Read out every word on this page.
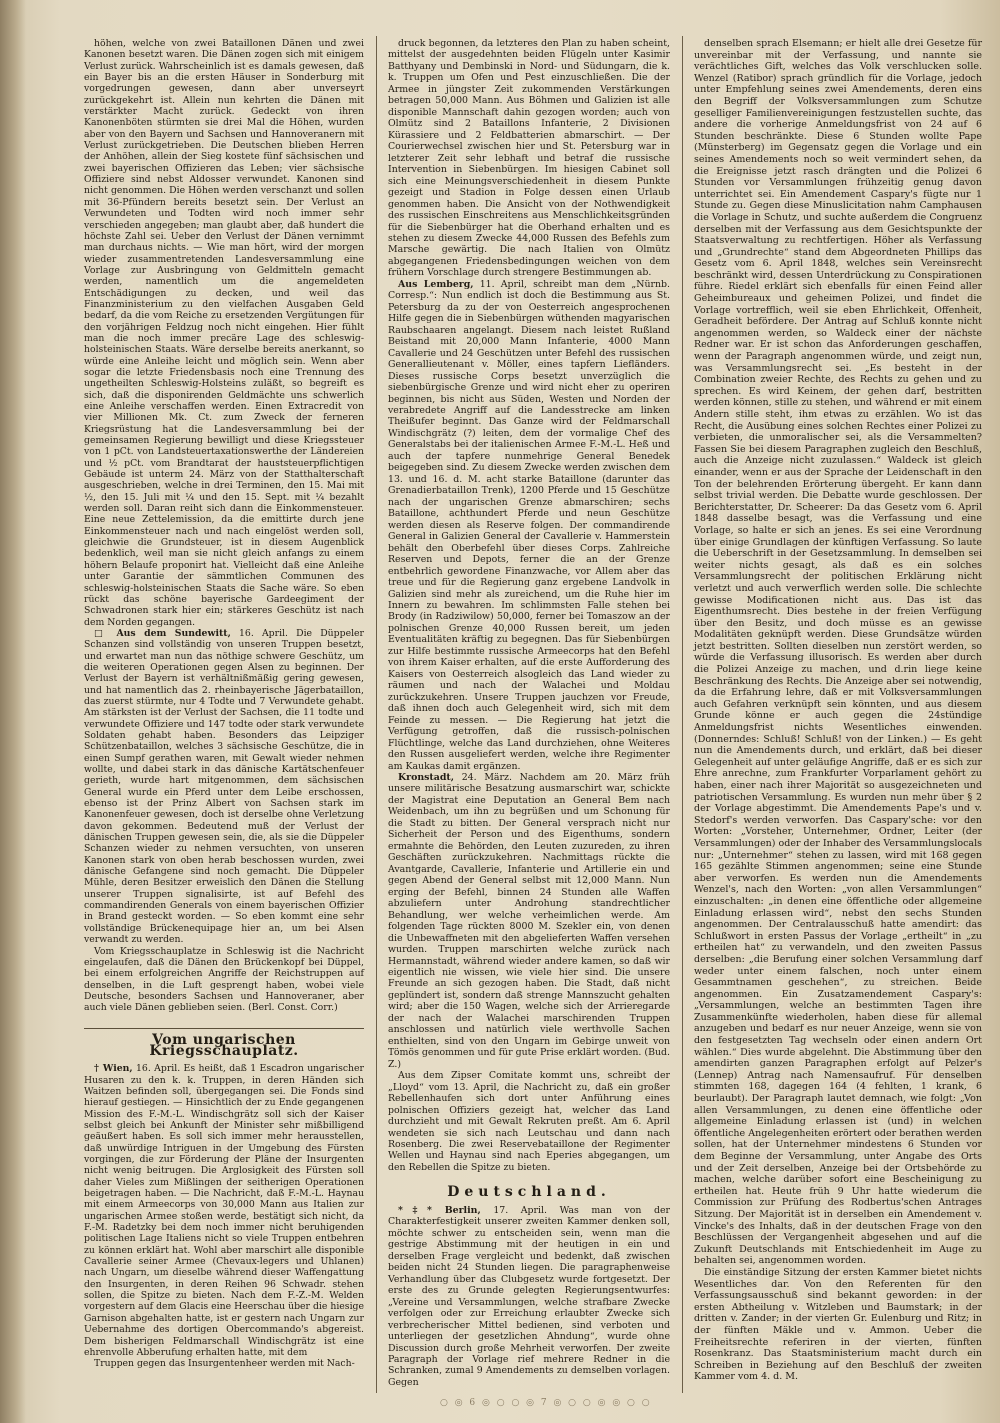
höhen, welche von zwei Bataillonen Dänen und zwei Kanonen besetzt waren. Die Dänen zogen sich mit einigem Verlust zurück. Wahrscheinlich ist es damals gewesen, daß ein Bayer bis an die ersten Häuser in Sonderburg mit vorgedrungen gewesen, dann aber unverseyrt zurückgekehrt ist. Allein nun kehrten die Dänen mit verstärkter Macht zurück. Gedeckt von ihren Kanonenböten stürmten sie drei Mal die Höhen, wurden aber von den Bayern und Sachsen und Hannoveranern mit Verlust zurückgetrieben. Die Deutschen blieben Herren der Anhöhen, allein der Sieg kostete fünf sächsischen und zwei bayerischen Offizieren das Leben; vier sächsische Offiziere sind nebst Aldosser verwundet. Kanonen sind nicht genommen. Die Höhen werden verschanzt und sollen mit 36-Pfündern bereits besetzt sein. Der Verlust an Verwundeten und Todten wird noch immer sehr verschieden angegeben; man glaubt aber, daß hundert die höchste Zahl sei. Ueber den Verlust der Dänen vernimmt man durchaus nichts. — Wie man hört, wird der morgen wieder zusammentretenden Landesversammlung eine Vorlage zur Ausbringung von Geldmitteln gemacht werden, namentlich um die angemeldeten Entschädigungen zu decken, und weil das Finanzministerium zu den vielfachen Ausgaben Geld bedarf, da die vom Reiche zu ersetzenden Vergütungen für den vorjährigen Feldzug noch nicht eingehen. Hier fühlt man die noch immer precäre Lage des schleswig-holsteinischen Staats. Wäre derselbe bereits anerkannt, so würde eine Anleihe leicht und möglich sein. Wenn aber sogar die letzte Friedensbasis noch eine Trennung des ungetheilten Schleswig-Holsteins zuläßt, so begreift es sich, daß die disponirenden Geldmächte uns schwerlich eine Anleihe verschaffen werden. Einen Extracredit von vier Millionen Mk. Ct. zum Zweck der ferneren Kriegsrüstung hat die Landesversammlung bei der gemeinsamen Regierung bewilligt und diese Kriegssteuer von 1 pCt. von Landsteuertaxationswerthe der Ländereien und ½ pCt. vom Brandtarat der hauststeuerpflichtigen Gebäude ist unterm 24. März von der Statthalterschaft ausgeschrieben, welche in drei Terminen, den 15. Mai mit ½, den 15. Juli mit ¼ und den 15. Sept. mit ¼ bezahlt werden soll. Daran reiht sich dann die Einkommensteuer. Eine neue Zettelemission, da die emittirte durch jene Einkommensteuer nach und nach eingelöst werden soll, gleichwie die Grundsteuer, ist in diesem Augenblick bedenklich, weil man sie nicht gleich anfangs zu einem höhern Belaufe proponirt hat. Vielleicht daß eine Anleihe unter Garantie der sämmtlichen Communen des schleswig-holsteinischen Staats die Sache wäre. So eben rückt das schöne bayerische Gardeegiment der Schwadronen stark hier ein; stärkeres Geschütz ist nach dem Norden gegangen.

□ Aus dem Sundewitt, 16. April. Die Düppeler Schanzen sind vollständig von unseren Truppen besetzt, und erwartet man nun das nöthige schwere Geschütz, um die weiteren Operationen gegen Alsen zu beginnen. Der Verlust der Bayern ist verhältnißmäßig gering gewesen, und hat namentlich das 2. rheinbayerische Jägerbataillon, das zuerst stürmte, nur 4 Todte und 7 Verwundete gehabt. Am stärksten ist der Verlust der Sachsen, die 11 todte und verwundete Offiziere und 147 todte oder stark verwundete Soldaten gehabt haben. Besonders das Leipziger Schützenbataillon, welches 3 sächsische Geschütze, die in einen Sumpf gerathen waren, mit Gewalt wieder nehmen wollte, und dabei stark in das dänische Kartätschenfeuer gerieth, wurde hart mitgenommen, dem sächsischen General wurde ein Pferd unter dem Leibe erschossen, ebenso ist der Prinz Albert von Sachsen stark im Kanonenfeuer gewesen, doch ist derselbe ohne Verletzung davon gekommen. Bedeutend muß der Verlust der dänischen Truppen gewesen sein, die, als sie die Düppeler Schanzen wieder zu nehmen versuchten, von unseren Kanonen stark von oben herab beschossen wurden, zwei dänische Gefangene sind noch gemacht. Die Düppeler Mühle, deren Besitzer erweislich den Dänen die Stellung unserer Truppen signalisirte, ist auf Befehl des commandirenden Generals von einem bayerischen Offizier in Brand gesteckt worden. — So eben kommt eine sehr vollständige Brückenequipage hier an, um bei Alsen verwandt zu werden.

Vom Kriegsschauplatze in Schleswig ist die Nachricht eingelaufen, daß die Dänen den Brückenkopf bei Düppel, bei einem erfolgreichen Angriffe der Reichstruppen auf denselben, in die Luft gesprengt haben, wobei viele Deutsche, besonders Sachsen und Hannoveraner, aber auch viele Dänen geblieben seien. (Berl. Const. Corr.)

Vom ungarischen Kriegsschauplatz.

† Wien, 16. April. Es heißt, daß 1 Escadron ungarischer Husaren zu den k. k. Truppen, in deren Händen sich Waitzen befinden soll, übergegangen sei. Die Fonds sind hierauf gestiegen. — Hinsichtlich der zu Ende gegangenen Mission des F.-M.-L. Windischgrätz soll sich der Kaiser selbst gleich bei Ankunft der Minister sehr mißbilligend geäußert haben. Es soll sich immer mehr herausstellen, daß unwürdige Intriguen in der Umgebung des Fürsten vorgingen, die zur Förderung der Pläne der Insurgenten nicht wenig beitrugen. Die Arglosigkeit des Fürsten soll daher Vieles zum Mißlingen der seitherigen Operationen beigetragen haben. — Die Nachricht, daß F.-M.-L. Haynau mit einem Armeecorps von 30,000 Mann aus Italien zur ungarischen Armee stoßen werde, bestätigt sich nicht, da F.-M. Radetzky bei dem noch immer nicht beruhigenden politischen Lage Italiens nicht so viele Truppen entbehren zu können erklärt hat. Wohl aber marschirt alle disponible Cavallerie seiner Armee (Chevaux-legers und Uhlanen) nach Ungarn, um dieselbe während dieser Waffengattung den Insurgenten, in deren Reihen 96 Schwadr. stehen sollen, die Spitze zu bieten. Nach dem F.-Z.-M. Welden vorgestern auf dem Glacis eine Heerschau über die hiesige Garnison abgehalten hatte, ist er gestern nach Ungarn zur Uebernahme des dortigen Obercommando's abgereist. Dem bisherigen Feldmarschall Windischgrätz ist eine ehrenvolle Abberufung erhalten hatte, mit dem

Truppen gegen das Insurgentenheer werden mit Nach-

druck begonnen, da letzteres den Plan zu haben scheint, mittelst der ausgedehnten beiden Flügeln unter Kasimir Batthyany und Dembinski in Nord- und Südungarn, die k. k. Truppen um Ofen und Pest einzuschließen. Die der Armee in jüngster Zeit zukommenden Verstärkungen betragen 50,000 Mann. Aus Böhmen und Galizien ist alle disponible Mannschaft dahin gezogen worden; auch von Olmütz sind 2 Bataillons Infanterie, 2 Divisionen Kürassiere und 2 Feldbatterien abmarschirt. — Der Courierwechsel zwischen hier und St. Petersburg war in letzterer Zeit sehr lebhaft und betraf die russische Intervention in Siebenbürgen. Im hiesigen Cabinet soll sich eine Meinungsverschiedenheit in diesem Punkte gezeigt und Stadion in Folge dessen einen Urlaub genommen haben. Die Ansicht von der Nothwendigkeit des russischen Einschreitens aus Menschlichkeitsgründen für die Siebenbürger hat die Oberhand erhalten und es stehen zu diesem Zwecke 44,000 Russen des Befehls zum Marsche gewärtig. Die nach Italien von Olmütz abgegangenen Friedensbedingungen weichen von dem frühern Vorschlage durch strengere Bestimmungen ab.

Aus Lemberg, 11. April, schreibt man dem „Nürnb. Corresp.“: Nun endlich ist doch die Bestimmung aus St. Petersburg da zu der von Oesterreich angesprochenen Hilfe gegen die in Siebenbürgen wüthenden magyarischen Raubschaaren angelangt. Diesem nach leistet Rußland Beistand mit 20,000 Mann Infanterie, 4000 Mann Cavallerie und 24 Geschützen unter Befehl des russischen Generallieutenant v. Möller, eines tapfern Liefländers. Dieses russische Corps besetzt unverzüglich die siebenbürgische Grenze und wird nicht eher zu operiren beginnen, bis nicht aus Süden, Westen und Norden der verabredete Angriff auf die Landesstrecke am linken Theißufer beginnt. Das Ganze wird der Feldmarschall Windischgrätz (?) leiten, dem der vormalige Chef des Generalstabs bei der italienischen Armee F.-M.-L. Heß und auch der tapfere nunmehrige General Benedek beigegeben sind. Zu diesem Zwecke werden zwischen dem 13. und 16. d. M. acht starke Bataillone (darunter das Grenadierbataillon Trenk), 1200 Pferde und 15 Geschütze nach der ungarischen Grenze abmarschiren; sechs Bataillone, achthundert Pferde und neun Geschütze werden diesen als Reserve folgen. Der commandirende General in Galizien General der Cavallerie v. Hammerstein behält den Oberbefehl über dieses Corps. Zahlreiche Reserven und Depots, ferner die an der Grenze entbehrlich gewordene Finanzwache, vor Allem aber das treue und für die Regierung ganz ergebene Landvolk in Galizien sind mehr als zureichend, um die Ruhe hier im Innern zu bewahren. Im schlimmsten Falle stehen bei Brody (in Radziwilow) 50,000, ferner bei Tomaszow an der polnischen Grenze 40,000 Russen bereit, um jeden Eventualitäten kräftig zu begegnen. Das für Siebenbürgen zur Hilfe bestimmte russische Armeecorps hat den Befehl von ihrem Kaiser erhalten, auf die erste Aufforderung des Kaisers von Oesterreich alsogleich das Land wieder zu räumen und nach der Walachei und Moldau zurückzukehren. Unsere Truppen jauchzen vor Freude, daß ihnen doch auch Gelegenheit wird, sich mit dem Feinde zu messen. — Die Regierung hat jetzt die Verfügung getroffen, daß die russisch-polnischen Flüchtlinge, welche das Land durchziehen, ohne Weiteres den Russen ausgeliefert werden, welche ihre Regimenter am Kaukas damit ergänzen.

Kronstadt, 24. März. Nachdem am 20. März früh unsere militärische Besatzung ausmarschirt war, schickte der Magistrat eine Deputation an General Bem nach Weidenbach, um ihn zu begrüßen und um Schonung für die Stadt zu bitten. Der General versprach nicht nur Sicherheit der Person und des Eigenthums, sondern ermahnte die Behörden, den Leuten zuzureden, zu ihren Geschäften zurückzukehren. Nachmittags rückte die Avantgarde, Cavallerie, Infanterie und Artillerie ein und gegen Abend der General selbst mit 12,000 Mann. Nun erging der Befehl, binnen 24 Stunden alle Waffen abzuliefern unter Androhung standrechtlicher Behandlung, wer welche verheimlichen werde. Am folgenden Tage rückten 8000 M. Szekler ein, von denen die Unbewaffneten mit den abgelieferten Waffen versehen wurden. Truppen marschirten welche zurück nach Hermannstadt, während wieder andere kamen, so daß wir eigentlich nie wissen, wie viele hier sind. Die unsere Freunde an sich gezogen haben. Die Stadt, daß nicht geplündert ist, sondern daß strenge Mannszucht gehalten wird; aber die 150 Wagen, welche sich der Arrieregarde der nach der Walachei marschirenden Truppen anschlossen und natürlich viele werthvolle Sachen enthielten, sind von den Ungarn im Gebirge unweit von Tömös genommen und für gute Prise erklärt worden. (Bud. Z.)

Aus dem Zipser Comitate kommt uns, schreibt der „Lloyd“ vom 13. April, die Nachricht zu, daß ein großer Rebellenhaufen sich dort unter Anführung eines polnischen Offiziers gezeigt hat, welcher das Land durchzieht und mit Gewalt Rekruten preßt. Am 6. April wendeten sie sich nach Leutschau und dann nach Rosenberg. Die zwei Reservebataillone der Regimenter Wellen und Haynau sind nach Eperies abgegangen, um den Rebellen die Spitze zu bieten.

Deutschland.

*‡* Berlin, 17. April. Was man von der Charakterfestigkeit unserer zweiten Kammer denken soll, möchte schwer zu entscheiden sein, wenn man die gestrige Abstimmung mit der heutigen in ein und derselben Frage vergleicht und bedenkt, daß zwischen beiden nicht 24 Stunden liegen. Die paragraphenweise Verhandlung über das Clubgesetz wurde fortgesetzt. Der erste des zu Grunde gelegten Regierungsentwurfes: „Vereine und Versammlungen, welche strafbare Zwecke verfolgen oder zur Erreichung erlaubter Zwecke sich verbrecherischer Mittel bedienen, sind verboten und unterliegen der gesetzlichen Ahndung“, wurde ohne Discussion durch große Mehrheit verworfen. Der zweite Paragraph der Vorlage rief mehrere Redner in die Schranken, zumal 9 Amendements zu demselben vorlagen. Gegen

denselben sprach Elsemann; er hielt alle drei Gesetze für unvereinbar mit der Verfassung, und nannte sie verächtliches Gift, welches das Volk verschlucken solle. Wenzel (Ratibor) sprach gründlich für die Vorlage, jedoch unter Empfehlung seines zwei Amendements, deren eins den Begriff der Volksversammlungen zum Schutze geselliger Familienvereinigungen festzustellen suchte, das andere die vorherige Anmeldungsfrist von 24 auf 6 Stunden beschränkte. Diese 6 Stunden wollte Pape (Münsterberg) im Gegensatz gegen die Vorlage und ein seines Amendements noch so weit vermindert sehen, da die Ereignisse jetzt rasch drängten und die Polizei 6 Stunden vor Versammlungen frühzeitig genug davon unterrichtet sei. Ein Amendement Caspary's fügte nur 1 Stunde zu. Gegen diese Minuslicitation nahm Camphausen die Vorlage in Schutz, und suchte außerdem die Congruenz derselben mit der Verfassung aus dem Gesichtspunkte der Staatsverwaltung zu rechtfertigen. Höher als Verfassung und „Grundrechte“ stand dem Abgeordneten Phillips das Gesetz vom 6. April 1848, welches sein Vereinsrecht beschränkt wird, dessen Unterdrückung zu Conspirationen führe. Riedel erklärt sich ebenfalls für einen Feind aller Geheimbureaux und geheimen Polizei, und findet die Vorlage vortrefflich, weil sie eben Ehrlichkeit, Offenheit, Geradheit befördere. Der Antrag auf Schluß konnte nicht angenommen werden, so Waldeck einer der nächste Redner war. Er ist schon das Anforderungen geschaffen, wenn der Paragraph angenommen würde, und zeigt nun, was Versammlungsrecht sei. „Es besteht in der Combination zweier Rechte, des Rechts zu gehen und zu sprechen. Es wird Keinem, der gehen darf, bestritten werden können, stille zu stehen, und während er mit einem Andern stille steht, ihm etwas zu erzählen. Wo ist das Recht, die Ausübung eines solchen Rechtes einer Polizei zu verbieten, die unmoralischer sei, als die Versammelten? Fassen Sie bei diesem Paragraphen zugleich den Beschluß, auch die Anzeige nicht zuzulassen.“ Waldeck ist gleich einander, wenn er aus der Sprache der Leidenschaft in den Ton der belehrenden Erörterung übergeht. Er kann dann selbst trivial werden. Die Debatte wurde geschlossen. Der Berichterstatter, Dr. Scheerer: Da das Gesetz vom 6. April 1848 dasselbe besagt, was die Verfassung und eine Vorlage, so halte er sich an jenes. Es sei eine Verordnung über einige Grundlagen der künftigen Verfassung. So laute die Ueberschrift in der Gesetzsammlung. In demselben sei weiter nichts gesagt, als daß es ein solches Versammlungsrecht der politischen Erklärung nicht verletzt und auch verwerflich werden solle. Die schlechte gewisse Modificationen nicht aus. Das ist das Eigenthumsrecht. Dies bestehe in der freien Verfügung über den Besitz, und doch müsse es an gewisse Modalitäten geknüpft werden. Diese Grundsätze würden jetzt bestritten. Sollten dieselben nun zerstört werden, so würde die Verfassung illusorisch. Es werden aber durch die Polizei Anzeige zu machen, und d.rin liege keine Beschränkung des Rechts. Die Anzeige aber sei notwendig, da die Erfahrung lehre, daß er mit Volksversammlungen auch Gefahren verknüpft sein könnten, und aus diesem Grunde könne er auch gegen die 24stündige Anmeldungsfrist nichts Wesentliches einwenden. (Donnerndes: Schluß! Schluß! von der Linken.) — Es geht nun die Amendements durch, und erklärt, daß bei dieser Gelegenheit auf unter geläufige Angriffe, daß er es sich zur Ehre anrechne, zum Frankfurter Vorparlament gehört zu haben, einer nach ihrer Majorität so ausgezeichneten und patriotischen Versammlung. Es wurden nun mehr über § 2 der Vorlage abgestimmt. Die Amendements Pape's und v. Stedorf's werden verworfen. Das Caspary'sche: vor den Worten: „Vorsteher, Unternehmer, Ordner, Leiter (der Versammlungen) oder der Inhaber des Versammlungslocals nur: „Unternehmer“ stehen zu lassen, wird mit 168 gegen 165 gezählte Stimmen angenommen; seine eine Stunde aber verworfen. Es werden nun die Amendements Wenzel's, nach den Worten: „von allen Versammlungen“ einzuschalten: „in denen eine öffentliche oder allgemeine Einladung erlassen wird“, nebst den sechs Stunden angenommen. Der Centralausschuß hatte amendirt: das Schlußwort in ersten Passus der Vorlage „ertheilt“ in „zu ertheilen hat“ zu verwandeln, und den zweiten Passus derselben: „die Berufung einer solchen Versammlung darf weder unter einem falschen, noch unter einem Gesammtnamen geschehen“, zu streichen. Beide angenommen. Ein Zusatzamendement Caspary's: „Versammlungen, welche an bestimmten Tagen ihre Zusammenkünfte wiederholen, haben diese für allemal anzugeben und bedarf es nur neuer Anzeige, wenn sie von den festgesetzten Tag wechseln oder einen andern Ort wählen.“ Dies wurde abgelehnt. Die Abstimmung über den amendirten ganzen Paragraphen erfolgt auf Pelzer's (Lennep) Antrag nach Namensaufruf. Für denselben stimmten 168, dagegen 164 (4 fehlten, 1 krank, 6 beurlaubt). Der Paragraph lautet demnach, wie folgt: „Von allen Versammlungen, zu denen eine öffentliche oder allgemeine Einladung erlassen ist (und) in welchen öffentliche Angelegenheiten erörtert oder berathen werden sollen, hat der Unternehmer mindestens 6 Stunden vor dem Beginne der Versammlung, unter Angabe des Orts und der Zeit derselben, Anzeige bei der Ortsbehörde zu machen, welche darüber sofort eine Bescheinigung zu ertheilen hat. Heute früh 9 Uhr hatte wiederum die Commission zur Prüfung des Rodbertus'schen Antrages Sitzung. Der Majorität ist in derselben ein Amendement v. Vincke's des Inhalts, daß in der deutschen Frage von den Beschlüssen der Vergangenheit abgesehen und auf die Zukunft Deutschlands mit Entschiedenheit im Auge zu behalten sei, angenommen worden.

Die einständige Sitzung der ersten Kammer bietet nichts Wesentliches dar. Von den Referenten für den Verfassungsausschuß sind bekannt geworden: in der ersten Abtheilung v. Witzleben und Baumstark; in der dritten v. Zander; in der vierten Gr. Eulenburg und Ritz; in der fünften Mäkle und v. Ammon. Ueber die Freiheitsrechte referiren in der vierten, fünften Rosenkranz. Das Staatsministerium macht durch ein Schreiben in Beziehung auf den Beschluß der zweiten Kammer vom 4. d. M.

○ ◎ 6 ◎ ○ ○ ◎ 7 ◎ ○ ○ ◎ ◎ ○ ○
